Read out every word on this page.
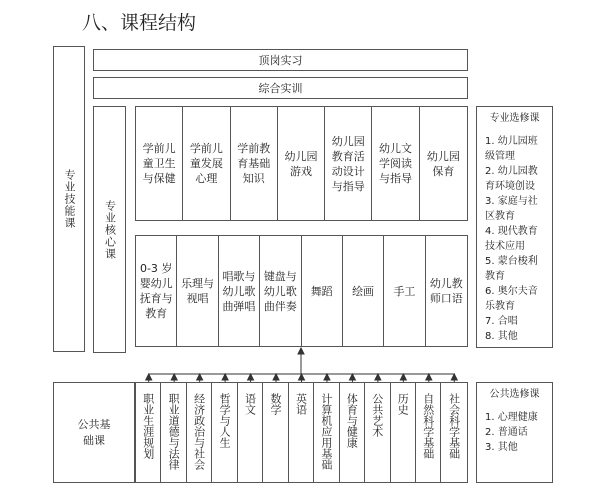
八、课程结构
专业技能课
顶岗实习
综合实训
专业核心课
学前儿童卫生与保健
学前儿童发展心理
学前教育基础知识
幼儿园游戏
幼儿园教育活动设计与指导
幼儿文学阅读与指导
幼儿园保育
0-3 岁婴幼儿抚育与教育
乐理与视唱
唱歌与幼儿歌曲弹唱
键盘与幼儿歌曲伴奏
舞蹈 绘画 手工
幼儿教师口语
专业选修课
1. 幼儿园班级管理
2. 幼儿园教育环境创设
3. 家庭与社区教育
4. 现代教育技术应用
5. 蒙台梭利教育
6. 奥尔夫音乐教育
7. 合唱
8. 其他
公共基础课	职业生涯规划 职业道德与法律 经济政治与社会 哲学与人生 语文 数学 英语 计算机应用基础 体育与健康 公共艺术 历史 自然科学基础 社会科学基础	公共选修课
1. 心理健康
2. 普通话
3. 其他
